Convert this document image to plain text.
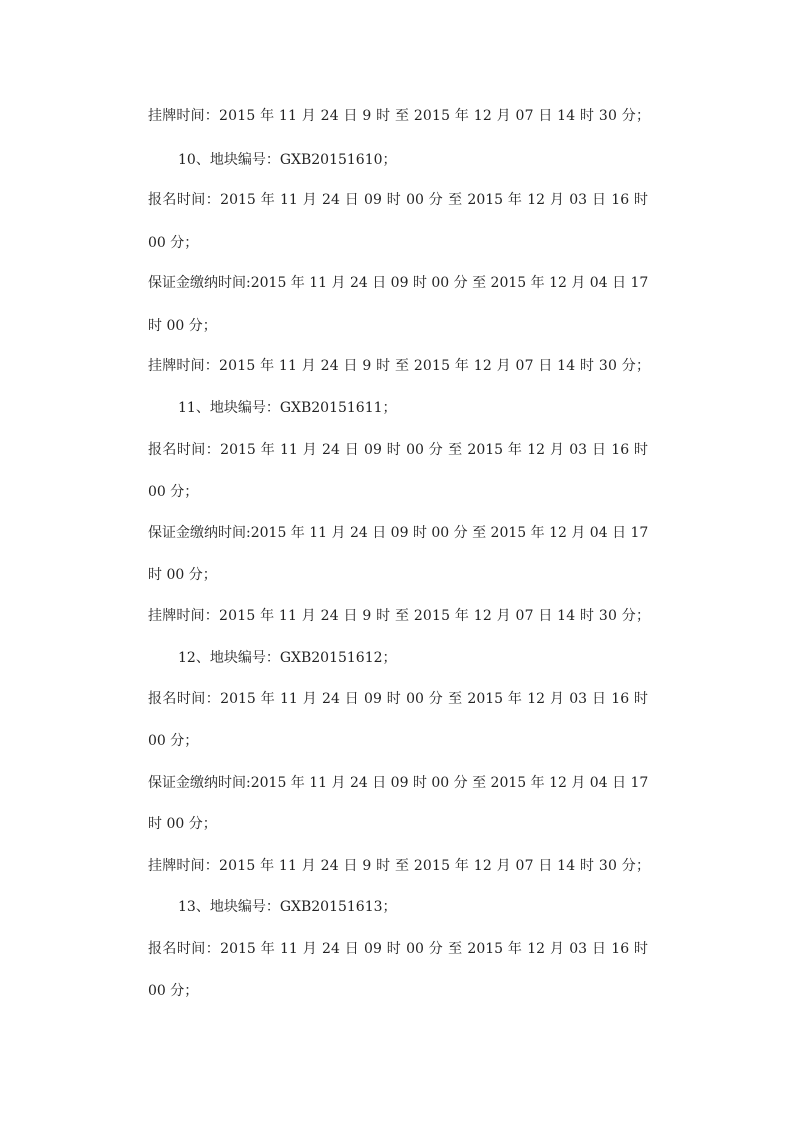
挂牌时间：2015 年 11 月 24 日 9 时 至 2015 年 12 月 07 日 14 时 30 分；
10、地块编号：GXB20151610；
报名时间：2015 年 11 月 24 日 09 时 00 分 至 2015 年 12 月 03 日 16 时
00 分；
保证金缴纳时间:2015 年 11 月 24 日 09 时 00 分 至 2015 年 12 月 04 日 17
时 00 分；
挂牌时间：2015 年 11 月 24 日 9 时 至 2015 年 12 月 07 日 14 时 30 分；
11、地块编号：GXB20151611；
报名时间：2015 年 11 月 24 日 09 时 00 分 至 2015 年 12 月 03 日 16 时
00 分；
保证金缴纳时间:2015 年 11 月 24 日 09 时 00 分 至 2015 年 12 月 04 日 17
时 00 分；
挂牌时间：2015 年 11 月 24 日 9 时 至 2015 年 12 月 07 日 14 时 30 分；
12、地块编号：GXB20151612；
报名时间：2015 年 11 月 24 日 09 时 00 分 至 2015 年 12 月 03 日 16 时
00 分；
保证金缴纳时间:2015 年 11 月 24 日 09 时 00 分 至 2015 年 12 月 04 日 17
时 00 分；
挂牌时间：2015 年 11 月 24 日 9 时 至 2015 年 12 月 07 日 14 时 30 分；
13、地块编号：GXB20151613；
报名时间：2015 年 11 月 24 日 09 时 00 分 至 2015 年 12 月 03 日 16 时
00 分；
